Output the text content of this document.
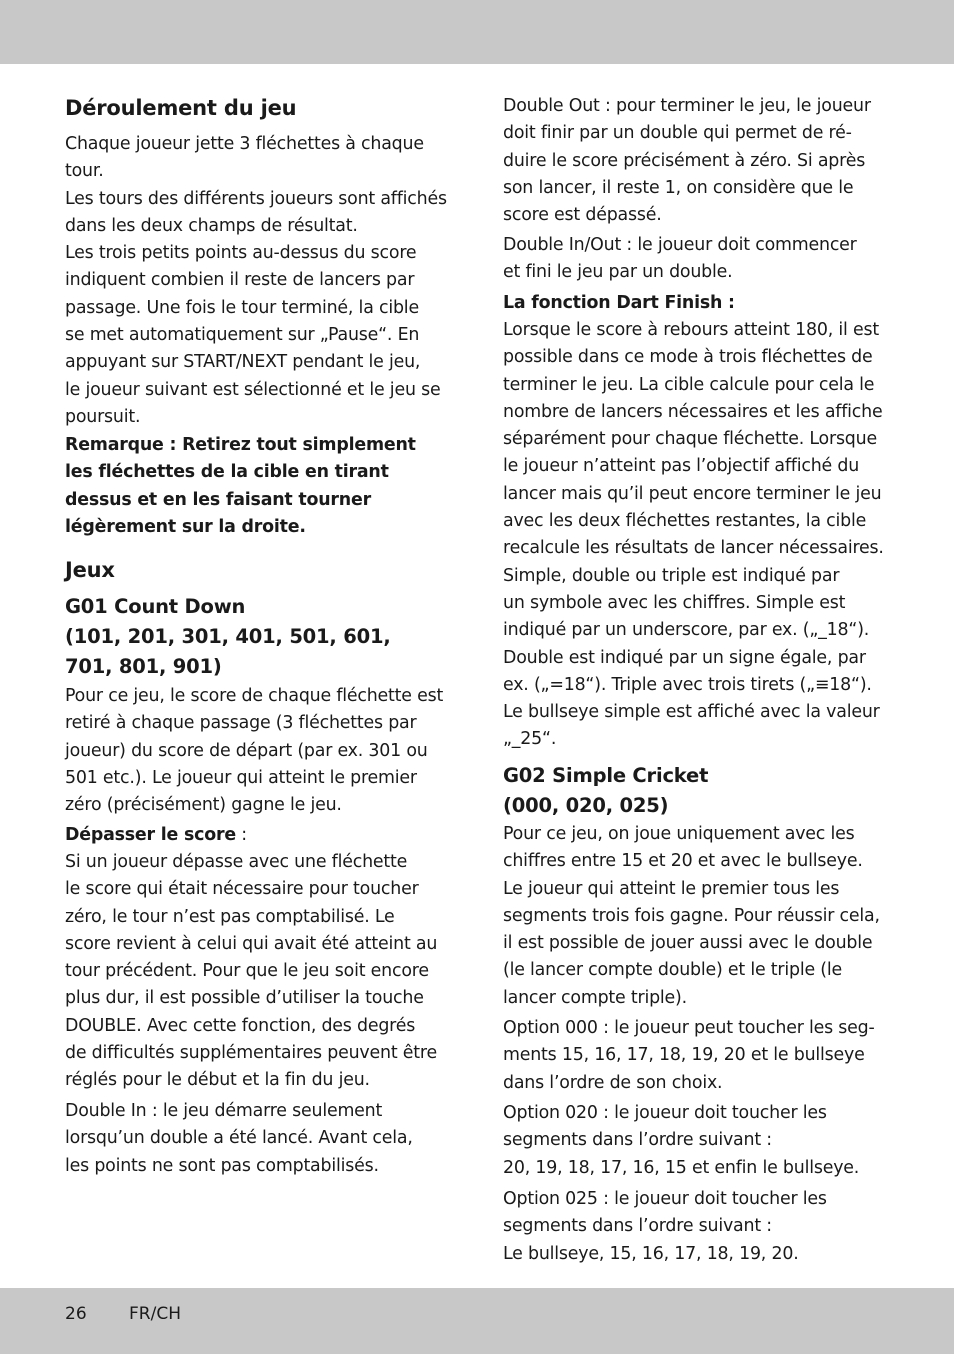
Déroulement du jeu
Chaque joueur jette 3 fléchettes à chaque
tour.
Les tours des différents joueurs sont affichés
dans les deux champs de résultat.
Les trois petits points au-dessus du score
indiquent combien il reste de lancers par
passage. Une fois le tour terminé, la cible
se met automatiquement sur „Pause“. En
appuyant sur START/NEXT pendant le jeu,
le joueur suivant est sélectionné et le jeu se
poursuit.
Remarque : Retirez tout simplement
les fléchettes de la cible en tirant
dessus et en les faisant tourner
légèrement sur la droite.
Jeux
G01 Count Down
(101, 201, 301, 401, 501, 601,
701, 801, 901)
Pour ce jeu, le score de chaque fléchette est
retiré à chaque passage (3 fléchettes par
joueur) du score de départ (par ex. 301 ou
501 etc.). Le joueur qui atteint le premier
zéro (précisément) gagne le jeu.

Dépasser le score :

Si un joueur dépasse avec une fléchette
le score qui était nécessaire pour toucher
zéro, le tour n’est pas comptabilisé. Le
score revient à celui qui avait été atteint au
tour précédent. Pour que le jeu soit encore
plus dur, il est possible d’utiliser la touche
DOUBLE. Avec cette fonction, des degrés
de difficultés supplémentaires peuvent être
réglés pour le début et la fin du jeu.
Double In : le jeu démarre seulement
lorsqu’un double a été lancé. Avant cela,
les points ne sont pas comptabilisés.
Double Out : pour terminer le jeu, le joueur
doit finir par un double qui permet de ré-
duire le score précisément à zéro. Si après
son lancer, il reste 1, on considère que le
score est dépassé.
Double In/Out : le joueur doit commencer
et fini le jeu par un double.

La fonction Dart Finish :

Lorsque le score à rebours atteint 180, il est
possible dans ce mode à trois fléchettes de
terminer le jeu. La cible calcule pour cela le
nombre de lancers nécessaires et les affiche
séparément pour chaque fléchette. Lorsque
le joueur n’atteint pas l’objectif affiché du
lancer mais qu’il peut encore terminer le jeu
avec les deux fléchettes restantes, la cible
recalcule les résultats de lancer nécessaires.
Simple, double ou triple est indiqué par
un symbole avec les chiffres. Simple est
indiqué par un underscore, par ex. („_18“).
Double est indiqué par un signe égale, par
ex. („=18“). Triple avec trois tirets („≡18“).
Le bullseye simple est affiché avec la valeur
„_25“.
G02 Simple Cricket
(000, 020, 025)
Pour ce jeu, on joue uniquement avec les
chiffres entre 15 et 20 et avec le bullseye.
Le joueur qui atteint le premier tous les
segments trois fois gagne. Pour réussir cela,
il est possible de jouer aussi avec le double
(le lancer compte double) et le triple (le
lancer compte triple).
Option 000 : le joueur peut toucher les seg-
ments 15, 16, 17, 18, 19, 20 et le bullseye
dans l’ordre de son choix.
Option 020 : le joueur doit toucher les
segments dans l’ordre suivant :
20, 19, 18, 17, 16, 15 et enfin le bullseye.
Option 025 : le joueur doit toucher les
segments dans l’ordre suivant :
Le bullseye, 15, 16, 17, 18, 19, 20.
26 FR/CH
